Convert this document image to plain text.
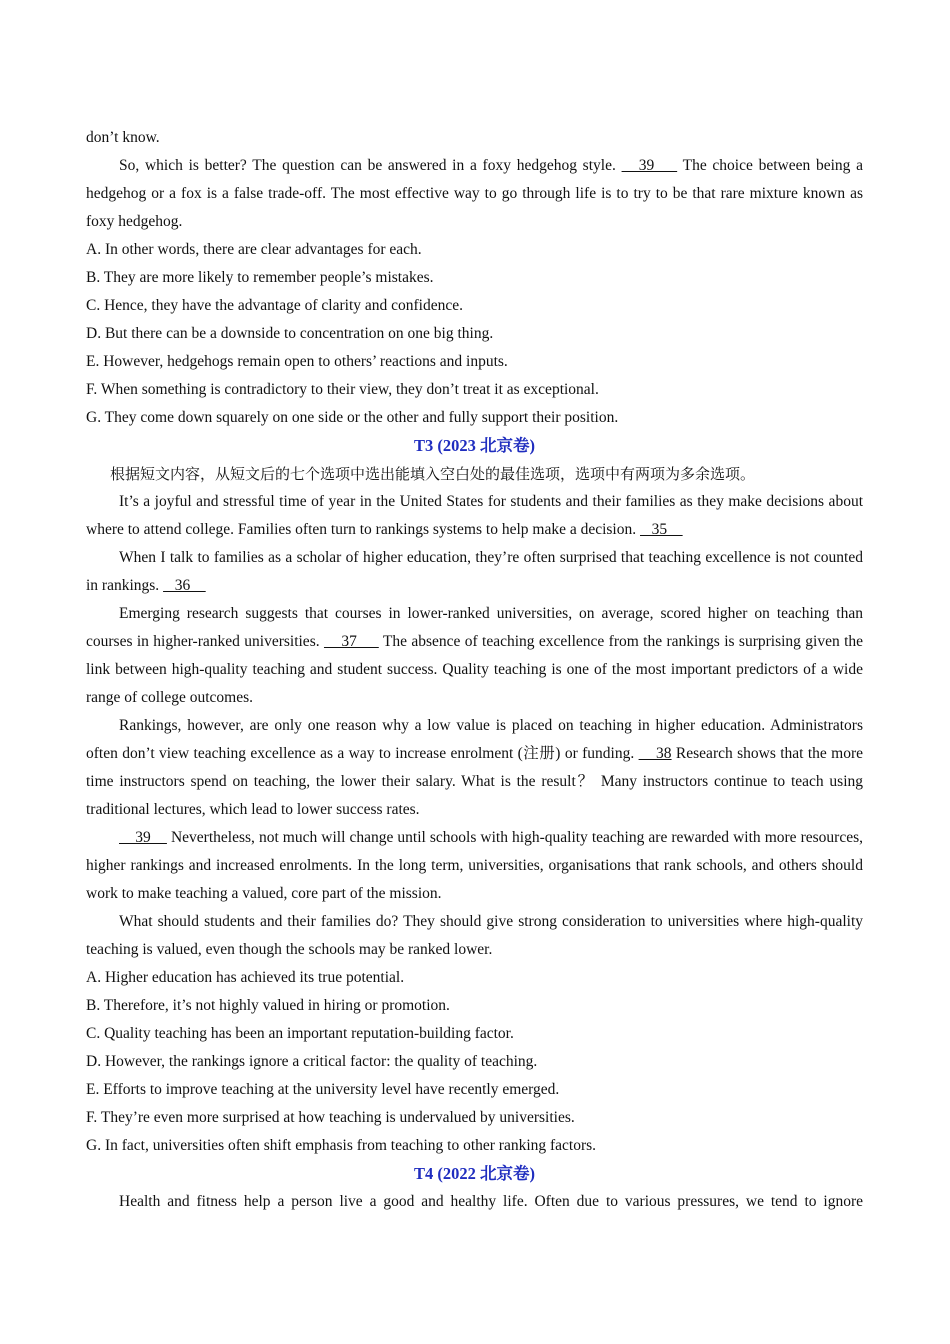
don’t know.

So, which is better? The question can be answered in a foxy hedgehog style.    39     The choice between being a hedgehog or a fox is a false trade-off. The most effective way to go through life is to try to be that rare mixture known as foxy hedgehog.

A. In other words, there are clear advantages for each.

B. They are more likely to remember people’s mistakes.

C. Hence, they have the advantage of clarity and confidence.

D. But there can be a downside to concentration on one big thing.

E. However, hedgehogs remain open to others’ reactions and inputs.

F. When something is contradictory to their view, they don’t treat it as exceptional.

G. They come down squarely on one side or the other and fully support their position.

T3 (2023 北京卷)

根据短文内容，从短文后的七个选项中选出能填入空白处的最佳选项，选项中有两项为多余选项。

It’s a joyful and stressful time of year in the United States for students and their families as they make decisions about where to attend college. Families often turn to rankings systems to help make a decision.    35

When I talk to families as a scholar of higher education, they’re often surprised that teaching excellence is not counted in rankings.    36

Emerging research suggests that courses in lower-ranked universities, on average, scored higher on teaching than courses in higher-ranked universities.     37      The absence of teaching excellence from the rankings is surprising given the link between high-quality teaching and student success. Quality teaching is one of the most important predictors of a wide range of college outcomes.

Rankings, however, are only one reason why a low value is placed on teaching in higher education. Administrators often don’t view teaching excellence as a way to increase enrolment (注册) or funding.     38 Research shows that the more time instructors spend on teaching, the lower their salary. What is the result？ Many instructors continue to teach using traditional lectures, which lead to lower success rates.

39     Nevertheless, not much will change until schools with high-quality teaching are rewarded with more resources, higher rankings and increased enrolments. In the long term, universities, organisations that rank schools, and others should work to make teaching a valued, core part of the mission.

What should students and their families do? They should give strong consideration to universities where high-quality teaching is valued, even though the schools may be ranked lower.

A. Higher education has achieved its true potential.

B. Therefore, it’s not highly valued in hiring or promotion.

C. Quality teaching has been an important reputation-building factor.

D. However, the rankings ignore a critical factor: the quality of teaching.

E. Efforts to improve teaching at the university level have recently emerged.

F. They’re even more surprised at how teaching is undervalued by universities.

G. In fact, universities often shift emphasis from teaching to other ranking factors.

T4 (2022 北京卷)

Health and fitness help a person live a good and healthy life. Often due to various pressures, we tend to ignore
